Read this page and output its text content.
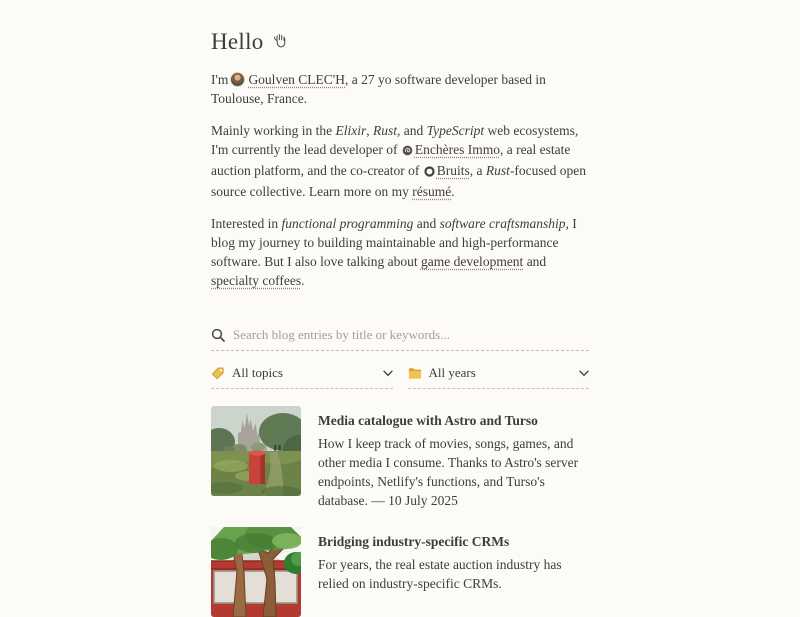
Hello

I'm Goulven CLEC'H, a 27 yo software developer based in Toulouse, France.

Mainly working in the Elixir, Rust, and TypeScript web ecosystems, I'm currently the lead developer of Enchères Immo, a real estate auction platform, and the co-creator of Bruits, a Rust-focused open source collective. Learn more on my résumé.

Interested in functional programming and software craftsmanship, I blog my journey to building maintainable and high-performance software. But I also love talking about game development and specialty coffees.

Search blog entries by title or keywords...
All topics	All years
Media catalogue with Astro and Turso
How I keep track of movies, songs, games, and other media I consume. Thanks to Astro's server endpoints, Netlify's functions, and Turso's database. — 10 July 2025
Bridging industry-specific CRMs
For years, the real estate auction industry has relied on industry-specific CRMs.
